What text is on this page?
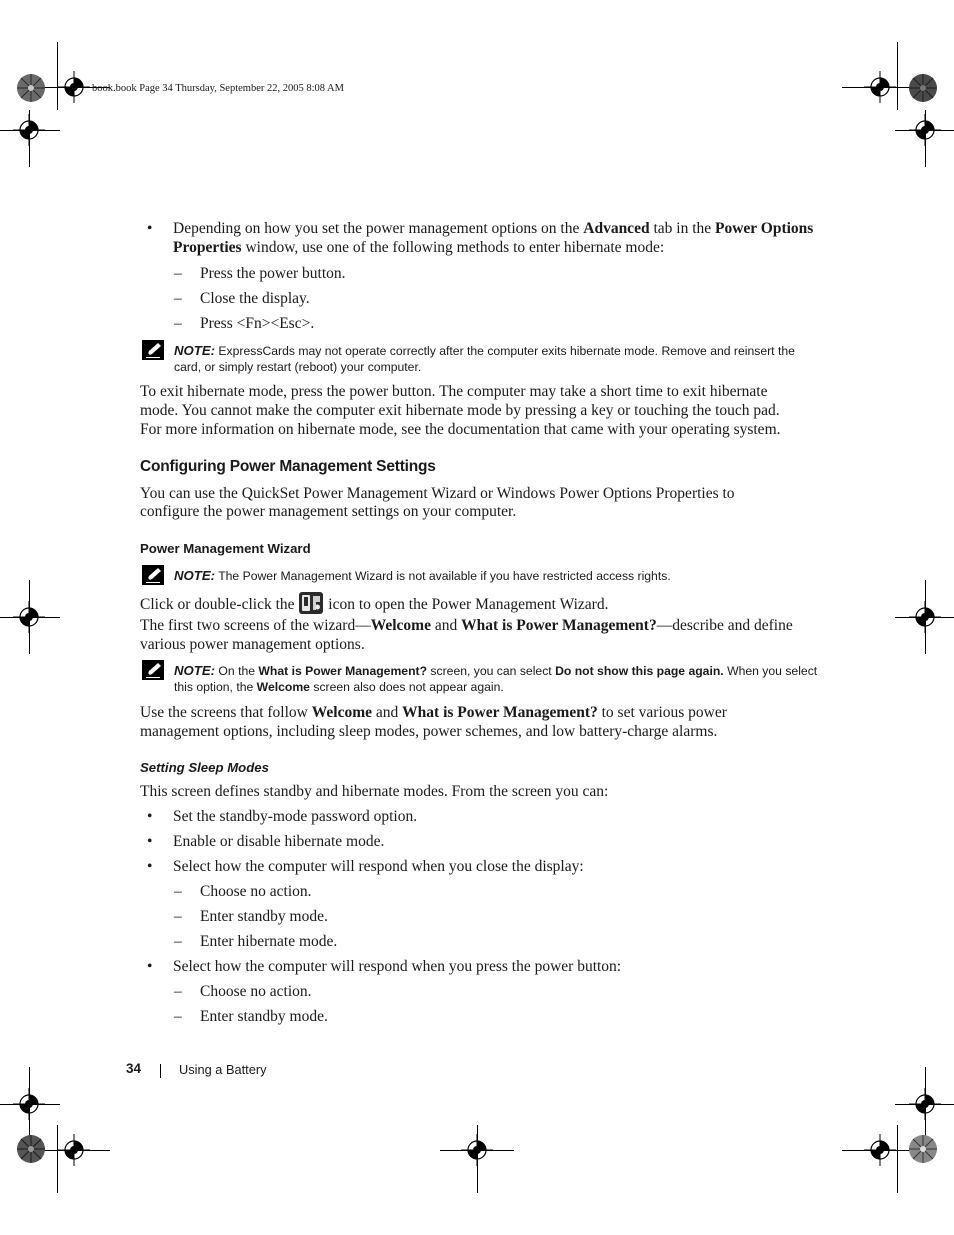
book.book Page 34 Thursday, September 22, 2005 8:08 AM
• Depending on how you set the power management options on the Advanced tab in the Power Options
Properties window, use one of the following methods to enter hibernate mode:
– Press the power button.
– Close the display.
– Press <Fn><Esc>.
NOTE: ExpressCards may not operate correctly after the computer exits hibernate mode. Remove and reinsert the
card, or simply restart (reboot) your computer.
To exit hibernate mode, press the power button. The computer may take a short time to exit hibernate
mode. You cannot make the computer exit hibernate mode by pressing a key or touching the touch pad.
For more information on hibernate mode, see the documentation that came with your operating system.
Configuring Power Management Settings
You can use the QuickSet Power Management Wizard or Windows Power Options Properties to
configure the power management settings on your computer.
Power Management Wizard
NOTE: The Power Management Wizard is not available if you have restricted access rights.
Click or double-click the  icon to open the Power Management Wizard.
The first two screens of the wizard—Welcome and What is Power Management?—describe and define
various power management options.
NOTE: On the What is Power Management? screen, you can select Do not show this page again. When you select
this option, the Welcome screen also does not appear again.
Use the screens that follow Welcome and What is Power Management? to set various power
management options, including sleep modes, power schemes, and low battery-charge alarms.
Setting Sleep Modes
This screen defines standby and hibernate modes. From the screen you can:
• Set the standby-mode password option.
• Enable or disable hibernate mode.
• Select how the computer will respond when you close the display:
– Choose no action.
– Enter standby mode.
– Enter hibernate mode.
• Select how the computer will respond when you press the power button:
– Choose no action.
– Enter standby mode.
34	Using a Battery
